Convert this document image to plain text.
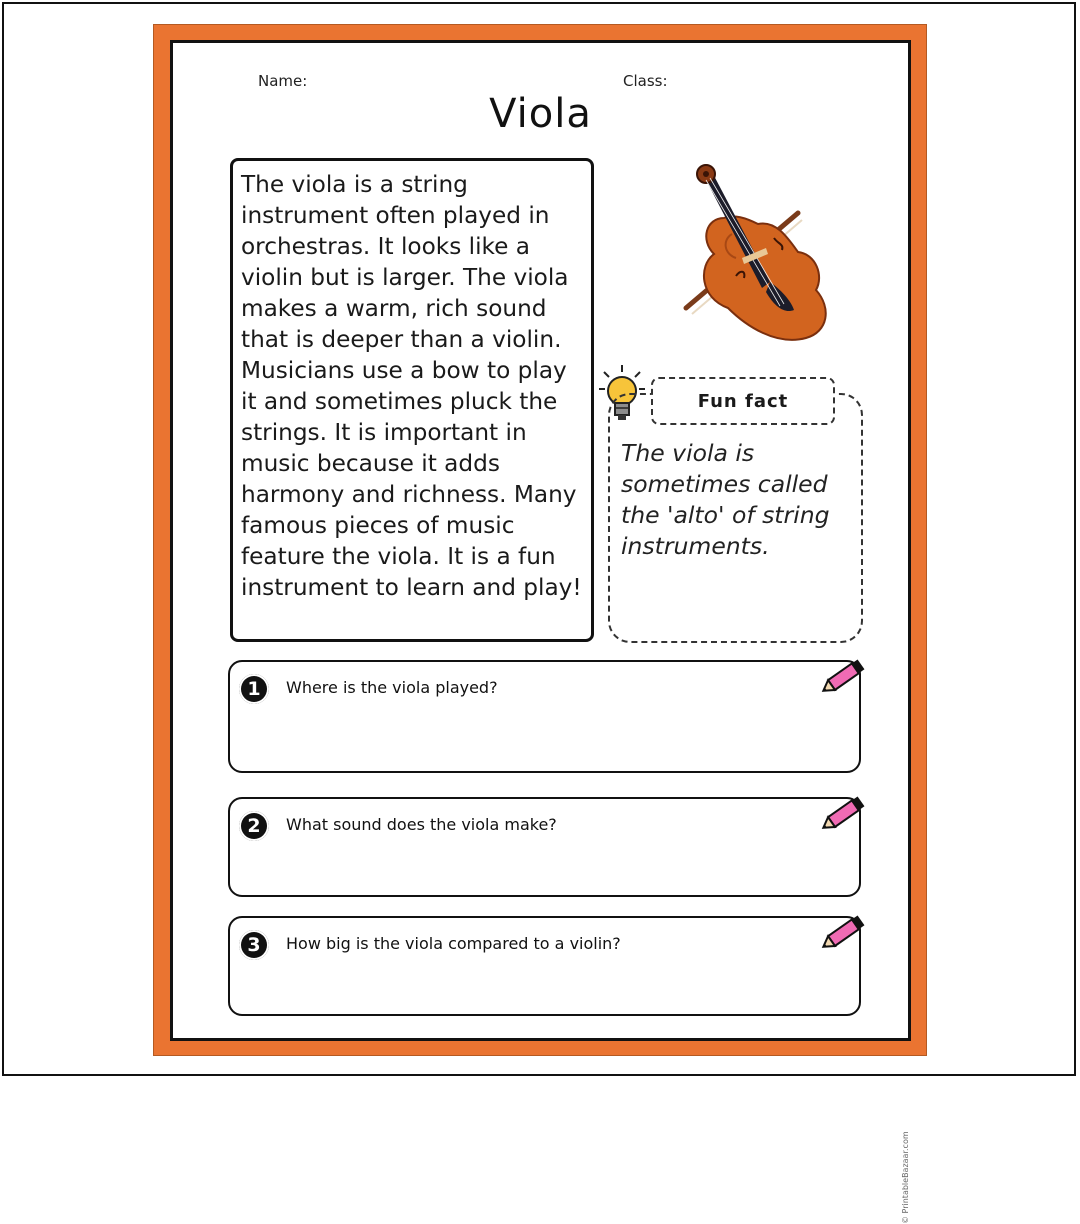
Name:	Class:
Viola
The viola is a string instrument often played in orchestras. It looks like a violin but is larger. The viola makes a warm, rich sound that is deeper than a violin. Musicians use a bow to play it and sometimes pluck the strings. It is important in music because it adds harmony and richness. Many famous pieces of music feature the viola. It is a fun instrument to learn and play!
Fun fact
The viola is sometimes called the 'alto' of string instruments.
1	Where is the viola played?
2	What sound does the viola make?
3	How big is the viola compared to a violin?
© PrintableBazaar.com
